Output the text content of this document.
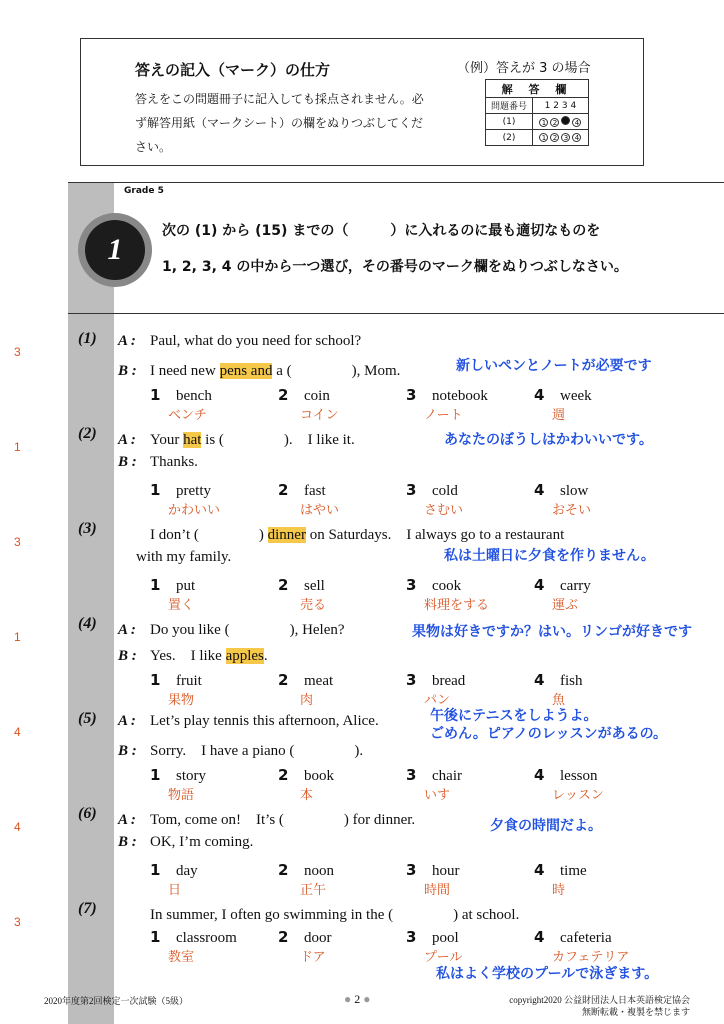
答えの記入（マーク）の仕方
答えをこの問題冊子に記入しても採点されません。必ず解答用紙（マークシート）の欄をぬりつぶしてください。
（例）答えが 3 の場合
解 答 欄	
問題番号	1 2 3 4
(1)	1 2 4
(2)	1 2 3 4
Grade 5
1
次の (1) から (15) までの（　　　）に入れるのに最も適切なものを
1, 2, 3, 4 の中から一つ選び，その番号のマーク欄をぬりつぶしなさい。
3
(1) A : Paul, what do you need for school?
B : I need new pens and a (　　　　), Mom.	新しいペンとノートが必要です
1 bench
ベンチ
2 coin
コイン
3 notebook
ノート
4 week
週
1
(2) A : Your hat is (　　　　).　I like it.
B : Thanks.
あなたのぼうしはかわいいです。
1 pretty
かわいい
2 fast
はやい
3 cold
さむい
4 slow
おそい
3
(3)	I don’t (　　　　) dinner on Saturdays.　I always go to a restaurant
with my family.	私は土曜日に夕食を作りません。
1 put
置く
2 sell
売る
3 cook
料理をする
4 carry
運ぶ
1
(4) A : Do you like (　　　　), Helen?
B : Yes.　I like apples.
果物は好きですか？はい。リンゴが好きです
1 fruit
果物
2 meat
肉
3 bread
パン
4 fish
魚
4
(5) A : Let’s play tennis this afternoon, Alice.
B : Sorry.　I have a piano (　　　　).
午後にテニスをしようよ。
ごめん。ピアノのレッスンがあるの。
1 story
物語
2 book
本
3 chair
いす
4 lesson
レッスン
4
(6) A : Tom, come on!　It’s (　　　　) for dinner.
B : OK, I’m coming.
夕食の時間だよ。
1 day
日
2 noon
正午
3 hour
時間
4 time
時
3
(7)	In summer, I often go swimming in the (　　　　) at school.
私はよく学校のプールで泳ぎます。
1 classroom
教室
2 door
ドア
3 pool
プール
4 cafeteria
カフェテリア
2020年度第2回検定一次試験（5級）	● 2 ●	copyright2020 公益財団法人日本英語検定協会
無断転載・複製を禁じます
